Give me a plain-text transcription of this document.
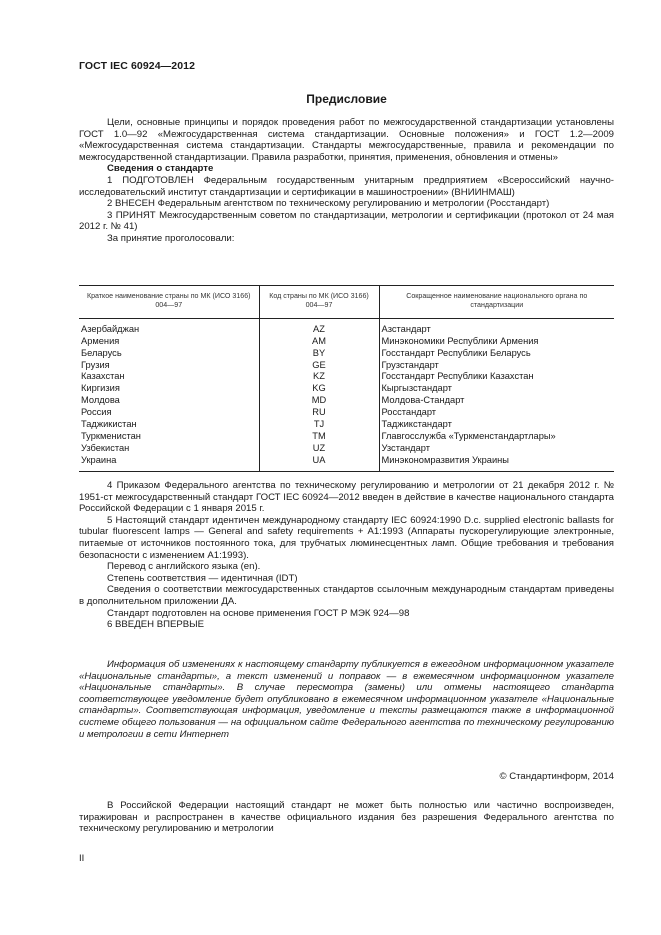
ГОСТ IEC 60924—2012
Предисловие

Цели, основные принципы и порядок проведения работ по межгосударственной стандартизации установлены ГОСТ 1.0—92 «Межгосударственная система стандартизации. Основные положения» и ГОСТ 1.2—2009 «Межгосударственная система стандартизации. Стандарты межгосударственные, правила и рекомендации по межгосударственной стандартизации. Правила разработки, принятия, применения, обновления и отмены»

Сведения о стандарте

1 ПОДГОТОВЛЕН Федеральным государственным унитарным предприятием «Всероссийский научно-исследовательский институт стандартизации и сертификации в машиностроении» (ВНИИНМАШ)

2 ВНЕСЕН Федеральным агентством по техническому регулированию и метрологии (Росстандарт)

3 ПРИНЯТ Межгосударственным советом по стандартизации, метрологии и сертификации (протокол от 24 мая 2012 г. № 41)

За принятие проголосовали:

Краткое наименование страны по МК (ИСО 3166) 004—97	Код страны по МК (ИСО 3166) 004—97	Сокращенное наименование национального органа по стандартизации
Азербайджан	AZ	Азстандарт
Армения	AM	Минэкономики Республики Армения
Беларусь	BY	Госстандарт Республики Беларусь
Грузия	GE	Грузстандарт
Казахстан	KZ	Госстандарт Республики Казахстан
Киргизия	KG	Кыргызстандарт
Молдова	MD	Молдова-Стандарт
Россия	RU	Росстандарт
Таджикистан	TJ	Таджикстандарт
Туркменистан	TM	Главгосслужба «Туркменстандартлары»
Узбекистан	UZ	Узстандарт
Украина	UA	Минэкономразвития Украины

4 Приказом Федерального агентства по техническому регулированию и метрологии от 21 декабря 2012 г. № 1951-ст межгосударственный стандарт ГОСТ IEC 60924—2012 введен в действие в качестве национального стандарта Российской Федерации с 1 января 2015 г.

5 Настоящий стандарт идентичен международному стандарту IEC 60924:1990 D.c. supplied electronic ballasts for tubular fluorescent lamps — General and safety requirements + A1:1993 (Аппараты пускорегулирующие электронные, питаемые от источников постоянного тока, для трубчатых люминесцентных ламп. Общие требования и требования безопасности с изменением A1:1993).

Перевод с английского языка (en).

Степень соответствия — идентичная (IDT)

Сведения о соответствии межгосударственных стандартов ссылочным международным стандартам приведены в дополнительном приложении ДА.

Стандарт подготовлен на основе применения ГОСТ Р МЭК 924—98

6 ВВЕДЕН ВПЕРВЫЕ

Информация об изменениях к настоящему стандарту публикуется в ежегодном информационном указателе «Национальные стандарты», а текст изменений и поправок — в ежемесячном информационном указателе «Национальные стандарты». В случае пересмотра (замены) или отмены настоящего стандарта соответствующее уведомление будет опубликовано в ежемесячном информационном указателе «Национальные стандарты». Соответствующая информация, уведомление и тексты размещаются также в информационной системе общего пользования — на официальном сайте Федерального агентства по техническому регулированию и метрологии в сети Интернет

© Стандартинформ, 2014

В Российской Федерации настоящий стандарт не может быть полностью или частично воспроизведен, тиражирован и распространен в качестве официального издания без разрешения Федерального агентства по техническому регулированию и метрологии

II
